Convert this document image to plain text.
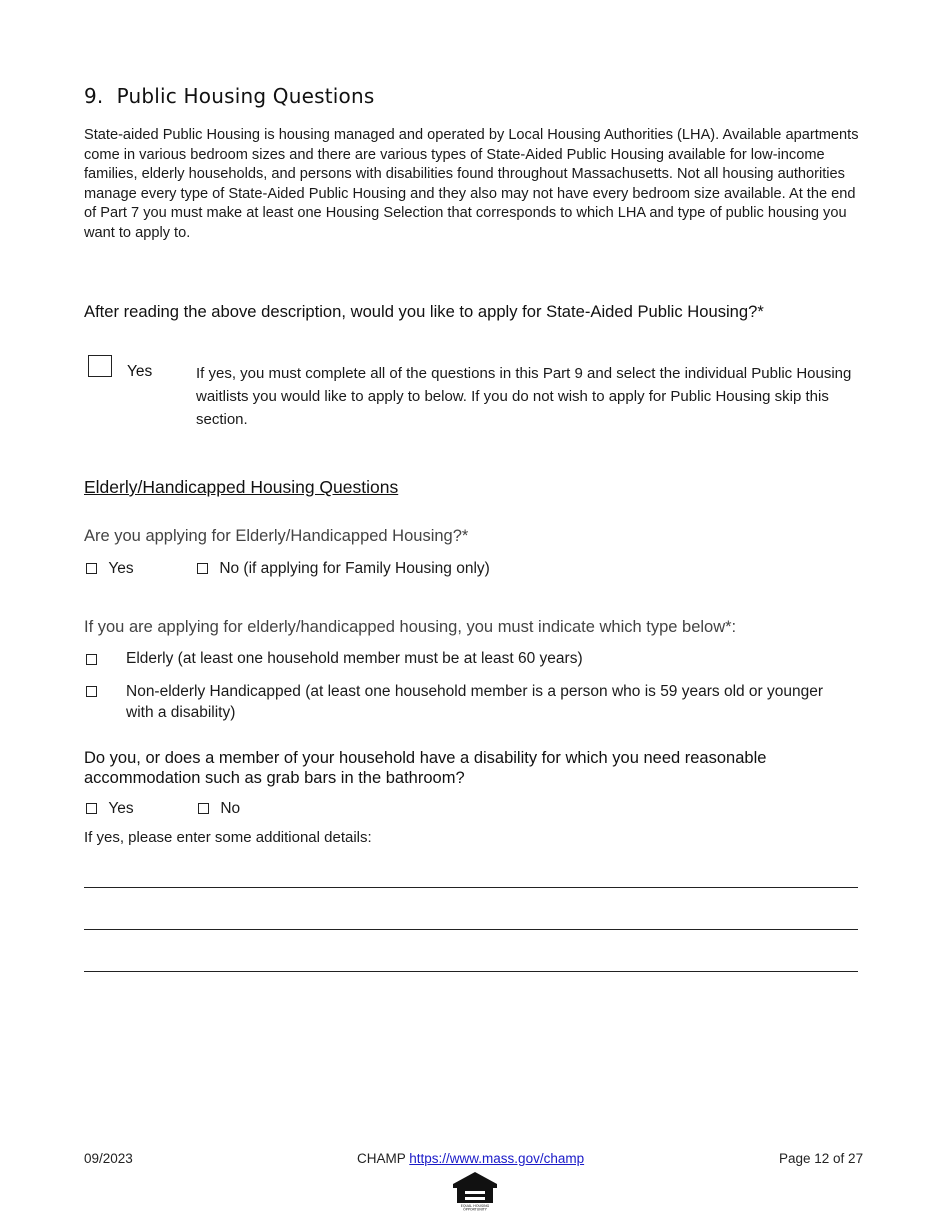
9. Public Housing Questions

State-aided Public Housing is housing managed and operated by Local Housing Authorities (LHA). Available apartments come in various bedroom sizes and there are various types of State-Aided Public Housing available for low-income families, elderly households, and persons with disabilities found throughout Massachusetts. Not all housing authorities manage every type of State-Aided Public Housing and they also may not have every bedroom size available. At the end of Part 7 you must make at least one Housing Selection that corresponds to which LHA and type of public housing you want to apply to.

After reading the above description, would you like to apply for State-Aided Public Housing?*

Yes	If yes, you must complete all of the questions in this Part 9 and select the individual Public Housing waitlists you would like to apply to below. If you do not wish to apply for Public Housing skip this section.

Elderly/Handicapped Housing Questions

Are you applying for Elderly/Handicapped Housing?*

Yes	No (if applying for Family Housing only)

If you are applying for elderly/handicapped housing, you must indicate which type below*:

Elderly (at least one household member must be at least 60 years)
Non-elderly Handicapped (at least one household member is a person who is 59 years old or younger with a disability)

Do you, or does a member of your household have a disability for which you need reasonable accommodation such as grab bars in the bathroom?

Yes	No
If yes, please enter some additional details:
09/2023	CHAMP https://www.mass.gov/champ	Page 12 of 27
EQUAL HOUSING
OPPORTUNITY
